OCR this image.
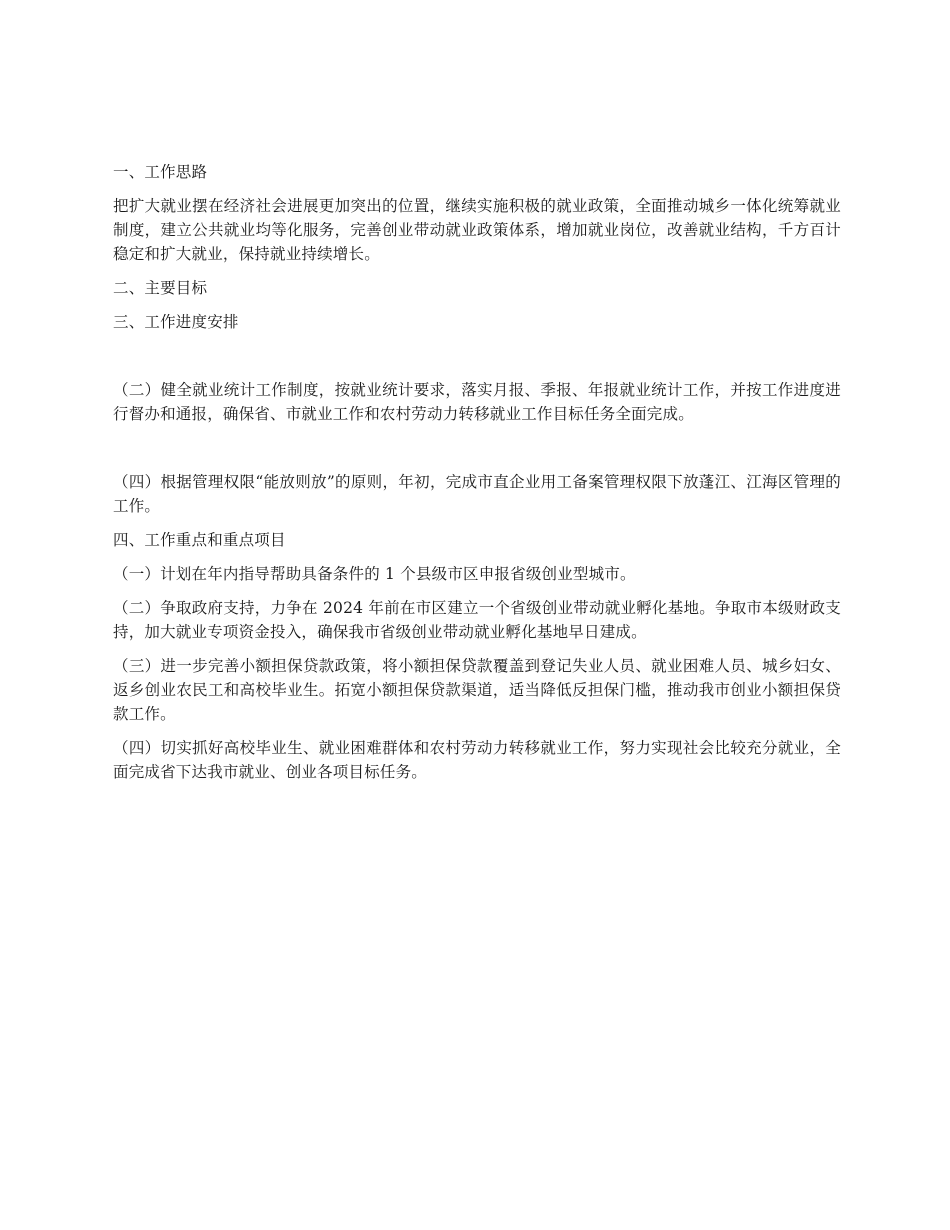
一、工作思路

把扩大就业摆在经济社会进展更加突出的位置，继续实施积极的就业政策，全面推动城乡一体化统筹就业制度，建立公共就业均等化服务，完善创业带动就业政策体系，增加就业岗位，改善就业结构，千方百计稳定和扩大就业，保持就业持续增长。

二、主要目标

三、工作进度安排

（二）健全就业统计工作制度，按就业统计要求，落实月报、季报、年报就业统计工作，并按工作进度进行督办和通报，确保省、市就业工作和农村劳动力转移就业工作目标任务全面完成。

（四）根据管理权限“能放则放”的原则，年初，完成市直企业用工备案管理权限下放蓬江、江海区管理的工作。

四、工作重点和重点项目

（一）计划在年内指导帮助具备条件的 1 个县级市区申报省级创业型城市。

（二）争取政府支持，力争在 2024 年前在市区建立一个省级创业带动就业孵化基地。争取市本级财政支持，加大就业专项资金投入，确保我市省级创业带动就业孵化基地早日建成。

（三）进一步完善小额担保贷款政策，将小额担保贷款覆盖到登记失业人员、就业困难人员、城乡妇女、返乡创业农民工和高校毕业生。拓宽小额担保贷款渠道，适当降低反担保门槛，推动我市创业小额担保贷款工作。

（四）切实抓好高校毕业生、就业困难群体和农村劳动力转移就业工作，努力实现社会比较充分就业，全面完成省下达我市就业、创业各项目标任务。
